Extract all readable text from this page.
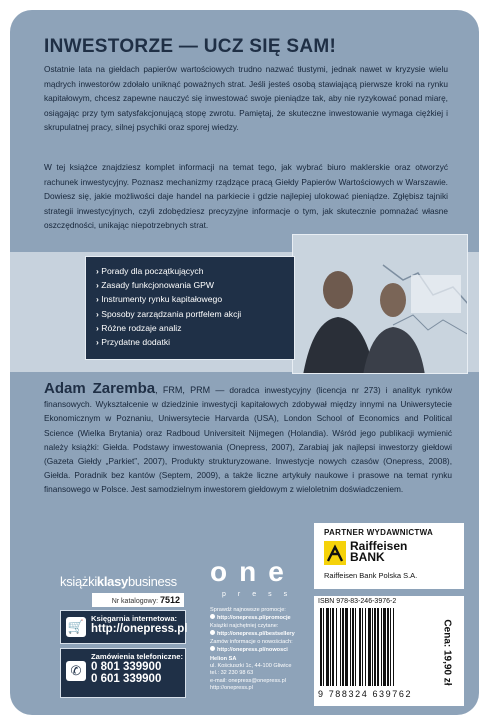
INWESTORZE — UCZ SIĘ SAM!

Ostatnie lata na giełdach papierów wartościowych trudno nazwać tłustymi, jednak nawet w kryzysie wielu mądrych inwestorów zdołało uniknąć poważnych strat. Jeśli jesteś osobą stawiającą pierwsze kroki na rynku kapitałowym, chcesz zapewne nauczyć się inwestować swoje pieniądze tak, aby nie ryzykować ponad miarę, osiągając przy tym satysfakcjonującą stopę zwrotu. Pamiętaj, że skuteczne inwestowanie wymaga ciężkiej i skrupulatnej pracy, silnej psychiki oraz sporej wiedzy.

W tej książce znajdziesz komplet informacji na temat tego, jak wybrać biuro maklerskie oraz otworzyć rachunek inwestycyjny. Poznasz mechanizmy rządzące pracą Giełdy Papierów Wartościowych w Warszawie. Dowiesz się, jakie możliwości daje handel na parkiecie i gdzie najlepiej ulokować pieniądze. Zgłębisz tajniki strategii inwestycyjnych, czyli zdobędziesz precyzyjne informacje o tym, jak skutecznie pomnażać własne oszczędności, unikając niepotrzebnych strat.

› Porady dla początkujących
› Zasady funkcjonowania GPW
› Instrumenty rynku kapitałowego
› Sposoby zarządzania portfelem akcji
› Różne rodzaje analiz
› Przydatne dodatki

Adam Zaremba, FRM, PRM — doradca inwestycyjny (licencja nr 273) i analityk rynków finansowych. Wykształcenie w dziedzinie inwestycji kapitałowych zdobywał między innymi na Uniwersytecie Ekonomicznym w Poznaniu, Uniwersytecie Harvarda (USA), London School of Economics and Political Science (Wielka Brytania) oraz Radboud Universiteit Nijmegen (Holandia). Wśród jego publikacji wymienić należy książki: Giełda. Podstawy inwestowania (Onepress, 2007), Zarabiaj jak najlepsi inwestorzy giełdowi (Gazeta Giełdy „Parkiet”, 2007), Produkty strukturyzowane. Inwestycje nowych czasów (Onepress, 2008), Giełda. Poradnik bez kantów (Septem, 2009), a także liczne artykuły naukowe i prasowe na temat rynku finansowego w Polsce. Jest samodzielnym inwestorem giełdowym z wieloletnim doświadczeniem.

książkiklasybusiness
Nr katalogowy: 7512
🛒
Księgarnia internetowa:
http://onepress.pl
✆
Zamówienia telefoniczne:
0 801 339900
0 601 339900
one
press
Sprawdź najnowsze promocje:
http://onepress.pl/promocje
Książki najchętniej czytane:
http://onepress.pl/bestsellery
Zamów informacje o nowościach:
http://onepress.pl/nowosci
Helion SA
ul. Kościuszki 1c, 44-100 Gliwice
tel.: 32 230 98 63
e-mail: onepress@onepress.pl
http://onepress.pl
PARTNER WYDAWNICTWA
Raiffeisen
BANK
Raiffeisen Bank Polska S.A.
ISBN 978-83-246-3976-2
9 788324 639762
Cena: 19,90 zł
